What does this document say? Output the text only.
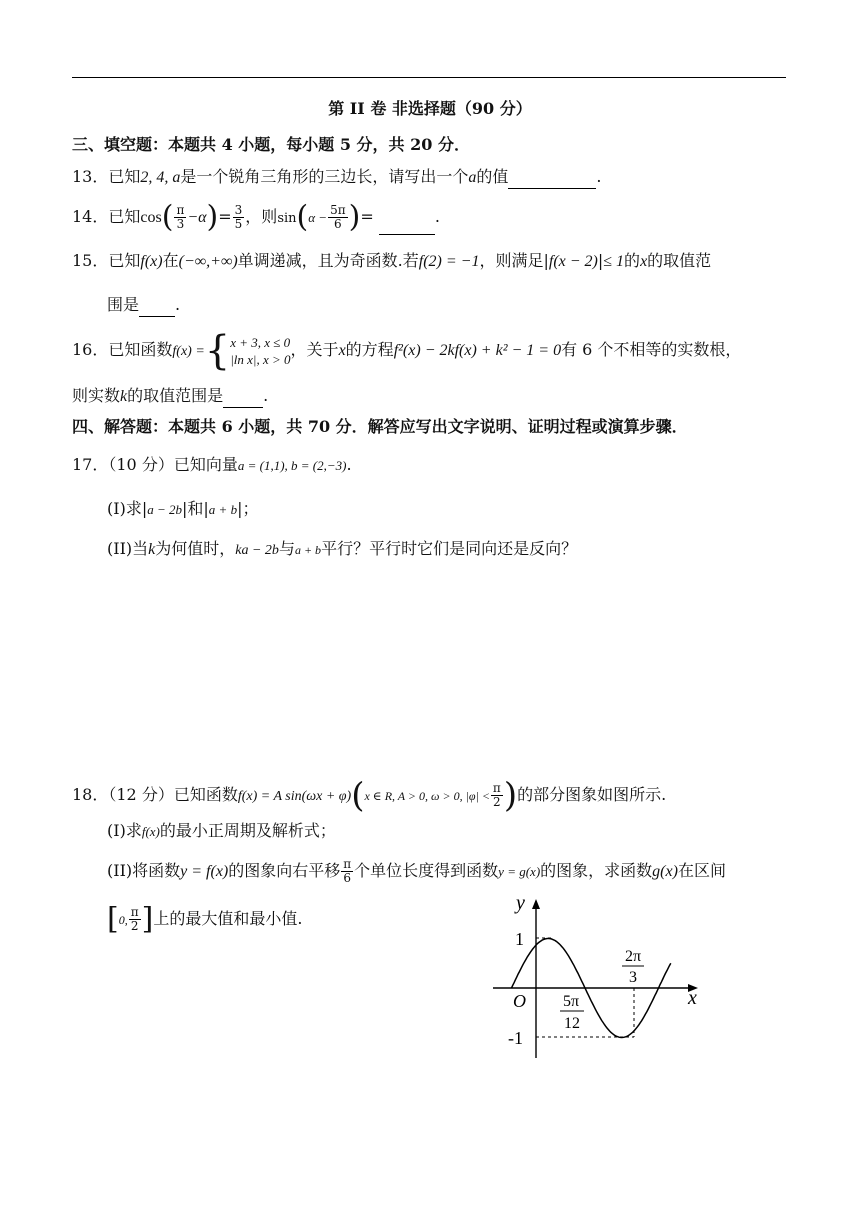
第 II 卷 非选择题（90 分）
三、填空题：本题共 4 小题，每小题 5 分，共 20 分．
13．已知2, 4, a是一个锐角三角形的三边长，请写出一个a的值	.
14．已知$\cos( \frac{\pi}{3} -\alpha)= \frac{3}{5}$ ，则$\sin(\alpha - \frac{5\pi}{6}$ )=	.
15．已知f(x)在(−∞,+∞)单调递减，且为奇函数.若f(2) = −1，则满足|f(x − 2)|≤ 1的x的取值范
围是 .
16．已知函数f(x) = { x + 3, x ≤ 0
|ln x|, x > 0 ，关于x的方程f²(x) − 2kf(x) + k² − 1 = 0有 6 个不相等的实数根，
则实数k的取值范围是	.
四、解答题：本题共 6 小题，共 70 分．解答应写出文字说明、证明过程或演算步骤．
17．（10 分）已知向量a = (1,1), b = (2,−3).
(I)求|a − 2b|和|a + b|；
(II)当k为何值时，ka − 2b与a + b平行？平行时它们是同向还是反向？
18．（12 分）已知函数f(x) = A sin(ωx + φ)(x ∈ R, A > 0, ω > 0, $|\varphi| < \frac{\pi}{2}$ )的部分图象如图所示.
(I)求f(x)的最小正周期及解析式；
(II)将函数y = f(x)的图象向右平移 $\frac{\pi}{6}$ 个单位长度得到函数y = g(x)的图象，求函数g(x)在区间
[0, $\frac{\pi}{2}$ ]上的最大值和最小值.
y
x
O
1
-1
5π
12
2π
3
